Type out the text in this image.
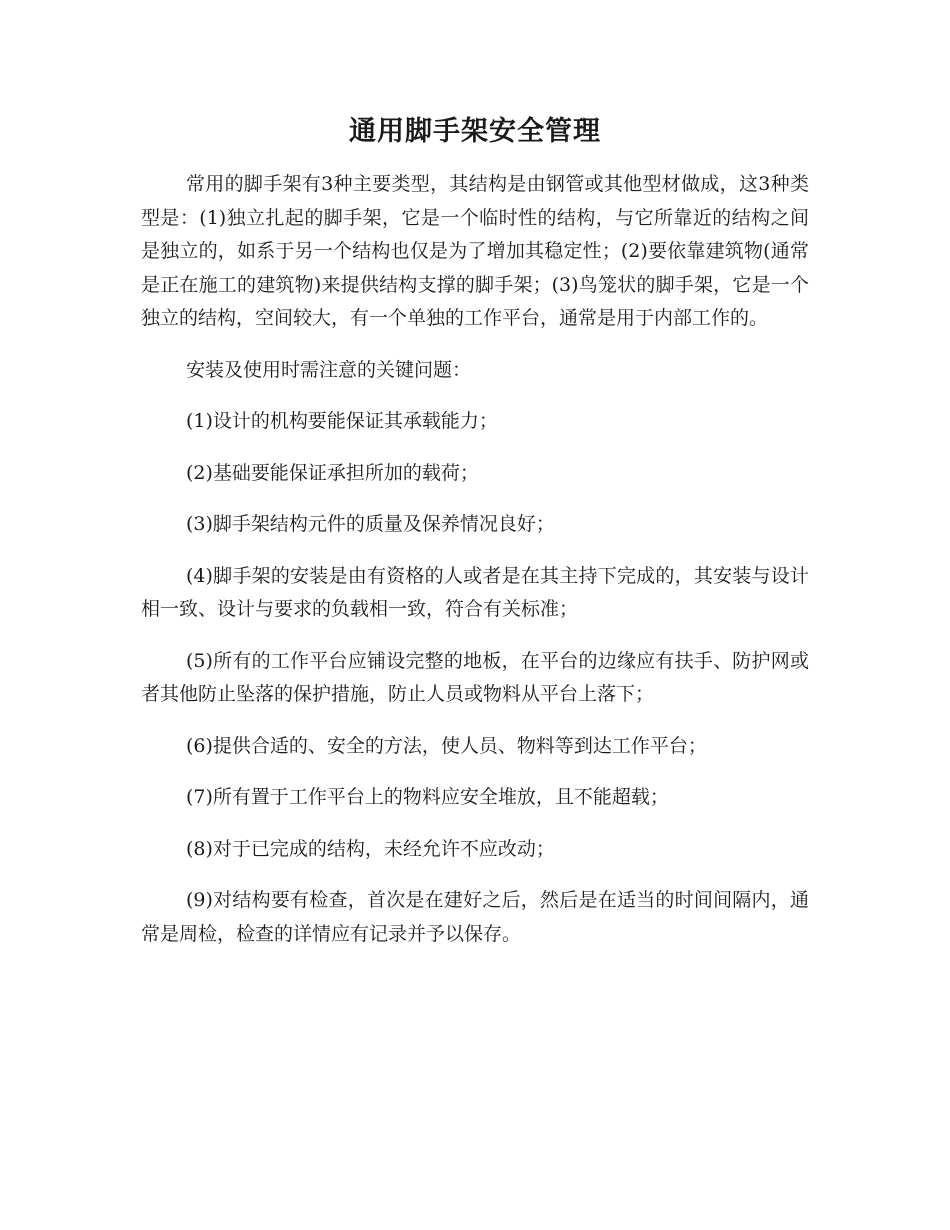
通用脚手架安全管理

常用的脚手架有3种主要类型，其结构是由钢管或其他型材做成，这3种类型是：(1)独立扎起的脚手架，它是一个临时性的结构，与它所靠近的结构之间是独立的，如系于另一个结构也仅是为了增加其稳定性；(2)要依靠建筑物(通常是正在施工的建筑物)来提供结构支撑的脚手架；(3)鸟笼状的脚手架，它是一个独立的结构，空间较大，有一个单独的工作平台，通常是用于内部工作的。

安装及使用时需注意的关键问题：

(1)设计的机构要能保证其承载能力；

(2)基础要能保证承担所加的载荷；

(3)脚手架结构元件的质量及保养情况良好；

(4)脚手架的安装是由有资格的人或者是在其主持下完成的，其安装与设计相一致、设计与要求的负载相一致，符合有关标准；

(5)所有的工作平台应铺设完整的地板，在平台的边缘应有扶手、防护网或者其他防止坠落的保护措施，防止人员或物料从平台上落下；

(6)提供合适的、安全的方法，使人员、物料等到达工作平台；

(7)所有置于工作平台上的物料应安全堆放，且不能超载；

(8)对于已完成的结构，未经允许不应改动；

(9)对结构要有检查，首次是在建好之后，然后是在适当的时间间隔内，通常是周检，检查的详情应有记录并予以保存。
